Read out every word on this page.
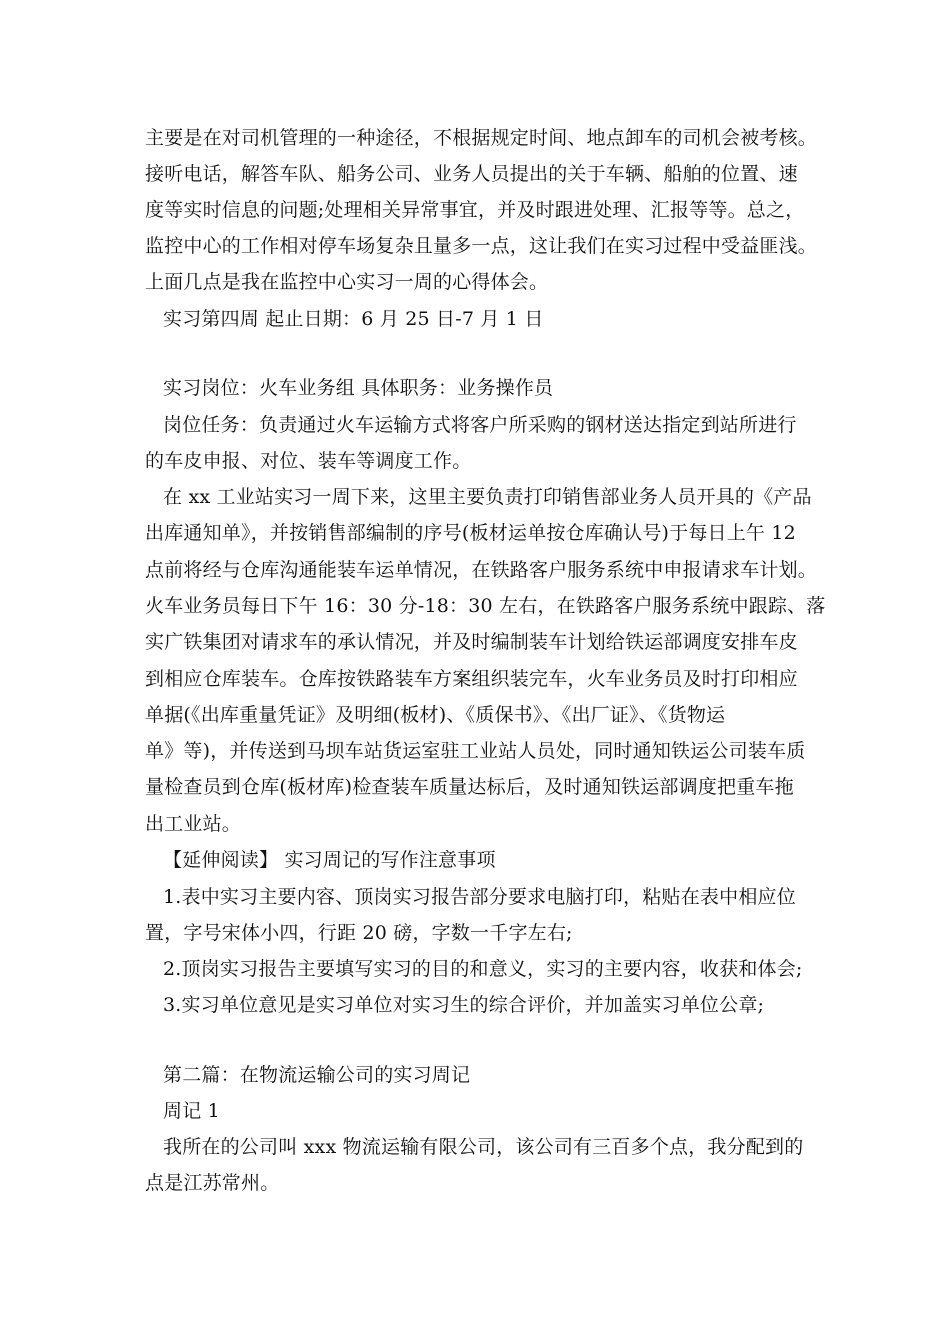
主要是在对司机管理的一种途径，不根据规定时间、地点卸车的司机会被考核。
接听电话，解答车队、船务公司、业务人员提出的关于车辆、船舶的位置、速
度等实时信息的问题;处理相关异常事宜，并及时跟进处理、汇报等等。总之，
监控中心的工作相对停车场复杂且量多一点，这让我们在实习过程中受益匪浅。
上面几点是我在监控中心实习一周的心得体会。
实习第四周 起止日期：6 月 25 日-7 月 1 日
实习岗位：火车业务组 具体职务：业务操作员
岗位任务：负责通过火车运输方式将客户所采购的钢材送达指定到站所进行
的车皮申报、对位、装车等调度工作。
在 xx 工业站实习一周下来，这里主要负责打印销售部业务人员开具的《产品
出库通知单》，并按销售部编制的序号(板材运单按仓库确认号)于每日上午 12
点前将经与仓库沟通能装车运单情况，在铁路客户服务系统中申报请求车计划。
火车业务员每日下午 16：30 分-18：30 左右，在铁路客户服务系统中跟踪、落
实广铁集团对请求车的承认情况，并及时编制装车计划给铁运部调度安排车皮
到相应仓库装车。仓库按铁路装车方案组织装完车，火车业务员及时打印相应
单据(《出库重量凭证》及明细(板材)、《质保书》、《出厂证》、《货物运
单》等)，并传送到马坝车站货运室驻工业站人员处，同时通知铁运公司装车质
量检查员到仓库(板材库)检查装车质量达标后，及时通知铁运部调度把重车拖
出工业站。
【延伸阅读】 实习周记的写作注意事项
1.表中实习主要内容、顶岗实习报告部分要求电脑打印，粘贴在表中相应位
置，字号宋体小四，行距 20 磅，字数一千字左右;
2.顶岗实习报告主要填写实习的目的和意义，实习的主要内容，收获和体会;
3.实习单位意见是实习单位对实习生的综合评价，并加盖实习单位公章;
第二篇：在物流运输公司的实习周记
周记 1
我所在的公司叫 xxx 物流运输有限公司，该公司有三百多个点，我分配到的
点是江苏常州。
